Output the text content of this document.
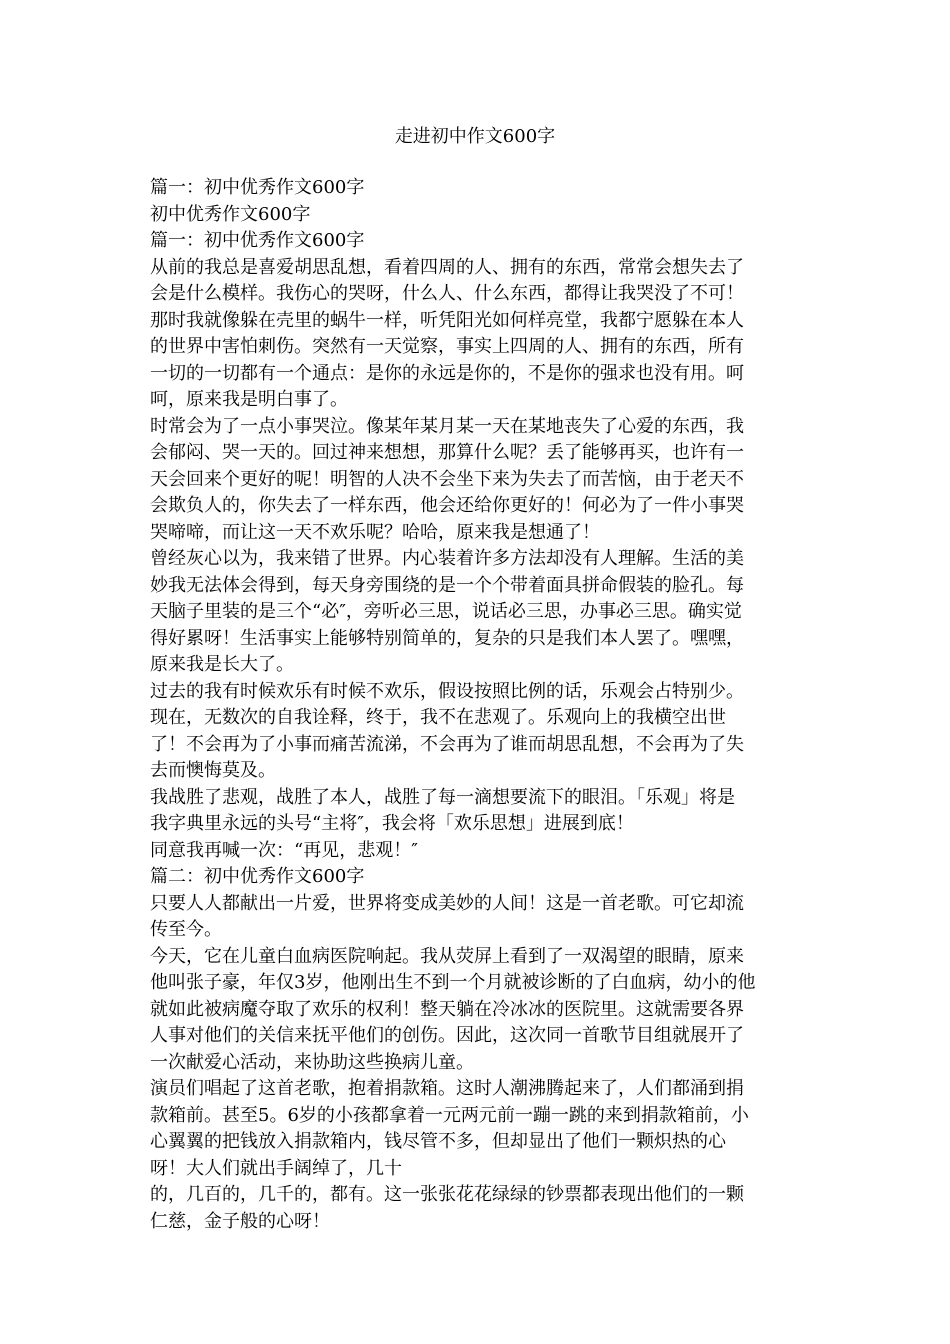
走进初中作文600字

篇一：初中优秀作文600字

初中优秀作文600字

篇一：初中优秀作文600字

从前的我总是喜爱胡思乱想，看着四周的人、拥有的东西，常常会想失去了

会是什么模样。我伤心的哭呀，什么人、什么东西，都得让我哭没了不可！

那时我就像躲在壳里的蜗牛一样，听凭阳光如何样亮堂，我都宁愿躲在本人

的世界中害怕刺伤。突然有一天觉察，事实上四周的人、拥有的东西，所有

一切的一切都有一个通点：是你的永远是你的，不是你的强求也没有用。呵

呵，原来我是明白事了。

时常会为了一点小事哭泣。像某年某月某一天在某地丧失了心爱的东西，我

会郁闷、哭一天的。回过神来想想，那算什么呢？丢了能够再买，也许有一

天会回来个更好的呢！明智的人决不会坐下来为失去了而苦恼，由于老天不

会欺负人的，你失去了一样东西，他会还给你更好的！何必为了一件小事哭

哭啼啼，而让这一天不欢乐呢？哈哈，原来我是想通了！

曾经灰心以为，我来错了世界。内心装着许多方法却没有人理解。生活的美

妙我无法体会得到，每天身旁围绕的是一个个带着面具拼命假装的脸孔。每

天脑子里装的是三个“必″，旁听必三思，说话必三思，办事必三思。确实觉

得好累呀！生活事实上能够特别简单的，复杂的只是我们本人罢了。嘿嘿，

原来我是长大了。

过去的我有时候欢乐有时候不欢乐，假设按照比例的话，乐观会占特别少。

现在，无数次的自我诠释，终于，我不在悲观了。乐观向上的我横空出世

了！不会再为了小事而痛苦流涕，不会再为了谁而胡思乱想，不会再为了失

去而懊悔莫及。

我战胜了悲观，战胜了本人，战胜了每一滴想要流下的眼泪。「乐观」将是

我字典里永远的头号“主将″，我会将「欢乐思想」进展到底！

同意我再喊一次：“再见，悲观！″

篇二：初中优秀作文600字

只要人人都献出一片爱，世界将变成美妙的人间！这是一首老歌。可它却流

传至今。

今天，它在儿童白血病医院响起。我从荧屏上看到了一双渴望的眼睛，原来

他叫张子豪，年仅3岁，他刚出生不到一个月就被诊断的了白血病，幼小的他

就如此被病魔夺取了欢乐的权利！整天躺在冷冰冰的医院里。这就需要各界

人事对他们的关信来抚平他们的创伤。因此，这次同一首歌节目组就展开了

一次献爱心活动，来协助这些换病儿童。

演员们唱起了这首老歌，抱着捐款箱。这时人潮沸腾起来了，人们都涌到捐

款箱前。甚至5。6岁的小孩都拿着一元两元前一蹦一跳的来到捐款箱前，小

心翼翼的把钱放入捐款箱内，钱尽管不多，但却显出了他们一颗炽热的心

呀！大人们就出手阔绰了，几十

的，几百的，几千的，都有。这一张张花花绿绿的钞票都表现出他们的一颗

仁慈，金子般的心呀！
